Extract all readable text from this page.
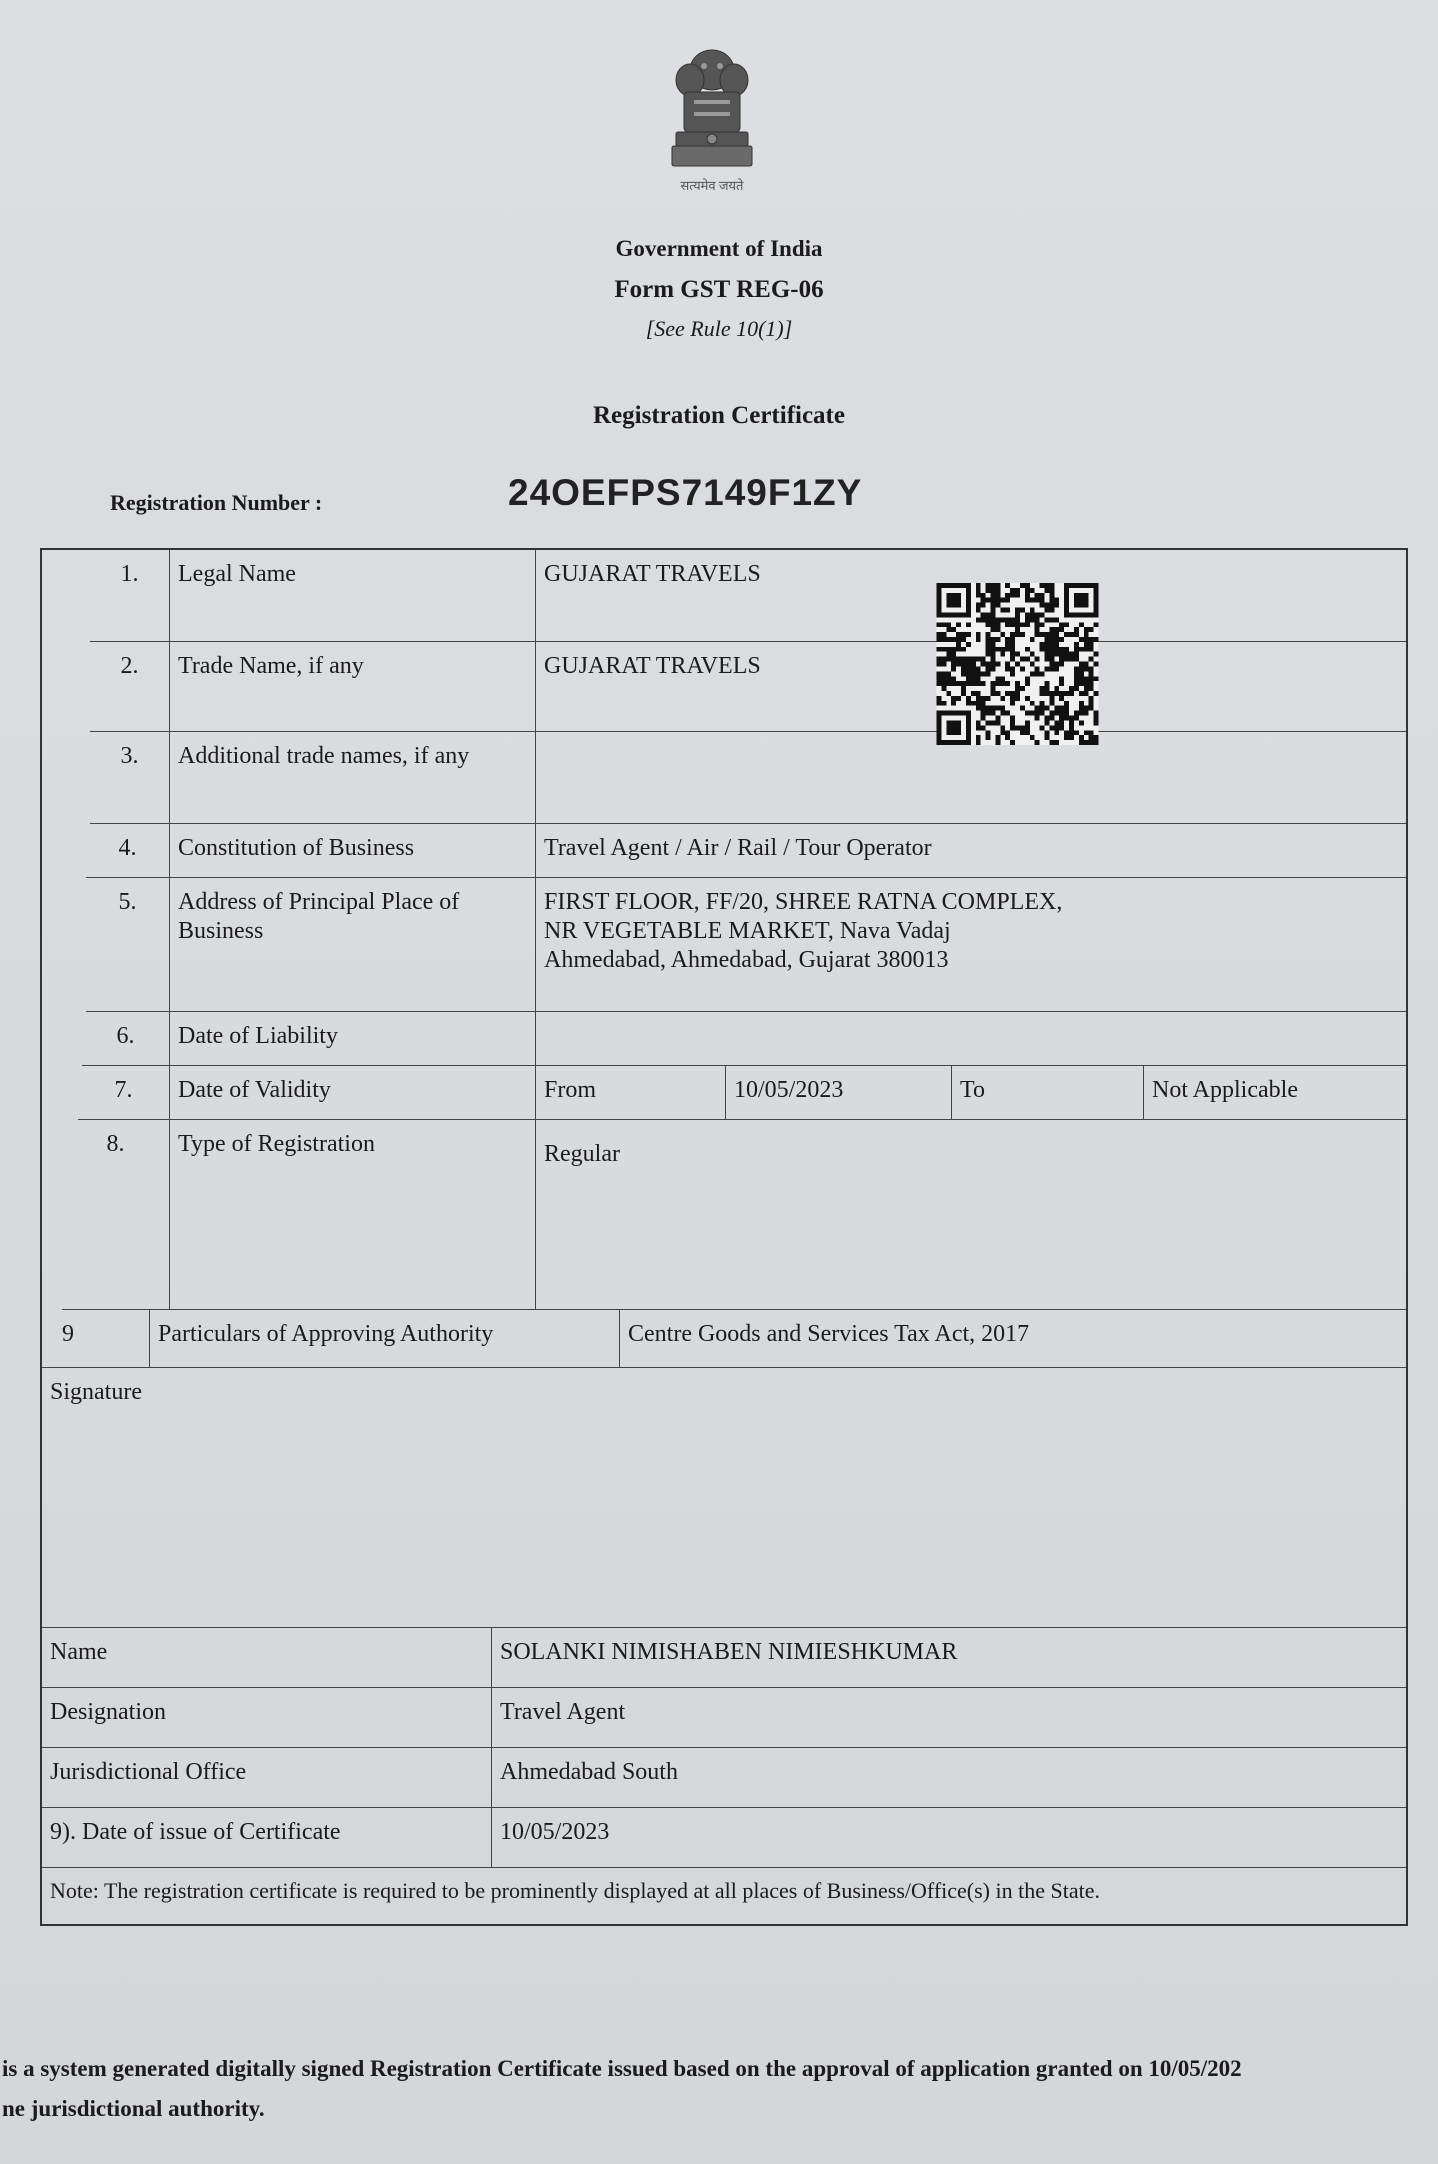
सत्यमेव जयते
Government of India
Form GST REG-06
[See Rule 10(1)]
Registration Certificate
Registration Number :	24OEFPS7149F1ZY
1.	Legal Name	GUJARAT TRAVELS
2.	Trade Name, if any	GUJARAT TRAVELS
3.	Additional trade names, if any
4.	Constitution of Business	Travel Agent / Air / Rail / Tour Operator
5.	Address of Principal Place of Business
FIRST FLOOR, FF/20, SHREE RATNA COMPLEX,
NR VEGETABLE MARKET, Nava Vadaj
Ahmedabad, Ahmedabad, Gujarat 380013
6.	Date of Liability
7.	Date of Validity	From	10/05/2023	To	Not Applicable
8.	Type of Registration	Regular
9	Particulars of Approving Authority	Centre Goods and Services Tax Act, 2017
Signature
Name	SOLANKI NIMISHABEN NIMIESHKUMAR
Designation	Travel Agent
Jurisdictional Office	Ahmedabad South
9). Date of issue of Certificate	10/05/2023
Note: The registration certificate is required to be prominently displayed at all places of Business/Office(s) in the State.
is a system generated digitally signed Registration Certificate issued based on the approval of application granted on 10/05/202
ne jurisdictional authority.
